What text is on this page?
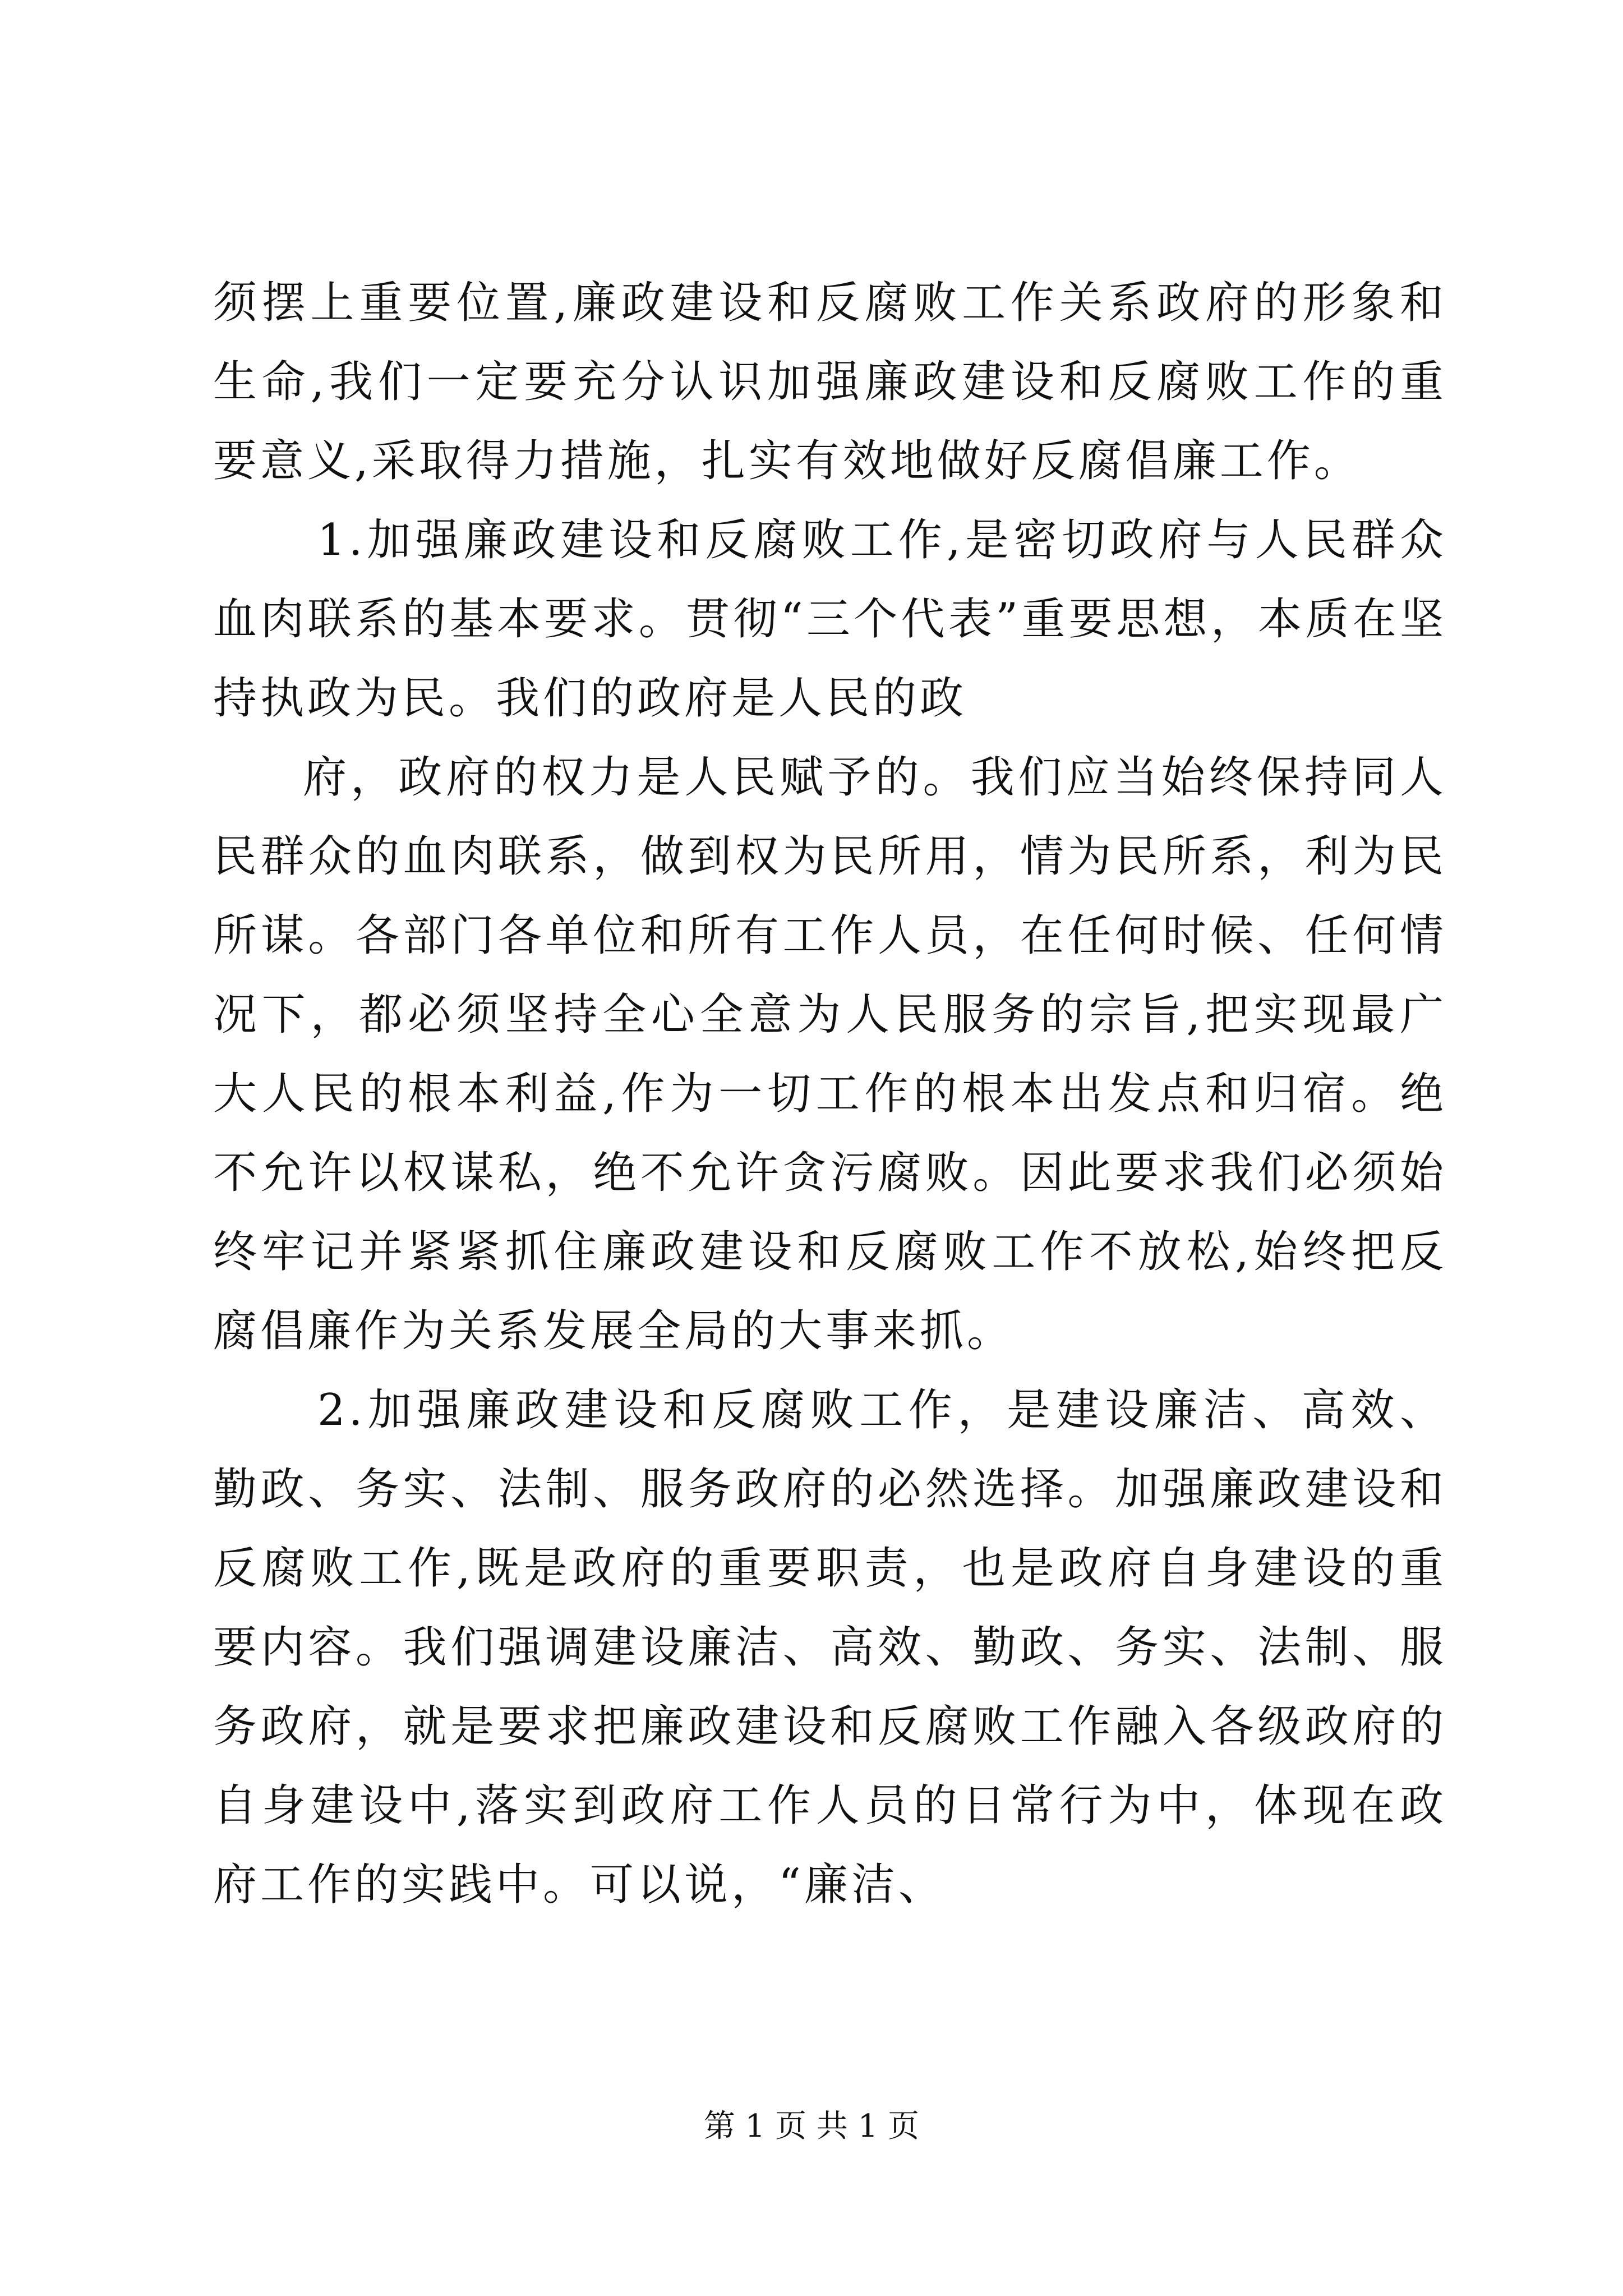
须摆上重要位置,廉政建设和反腐败工作关系政府的形象和生命,我们一定要充分认识加强廉政建设和反腐败工作的重要意义,采取得力措施，扎实有效地做好反腐倡廉工作。

1.加强廉政建设和反腐败工作,是密切政府与人民群众血肉联系的基本要求。贯彻“三个代表”重要思想，本质在坚持执政为民。我们的政府是人民的政

府，政府的权力是人民赋予的。我们应当始终保持同人民群众的血肉联系，做到权为民所用，情为民所系，利为民所谋。各部门各单位和所有工作人员，在任何时候、任何情况下，都必须坚持全心全意为人民服务的宗旨,把实现最广大人民的根本利益,作为一切工作的根本出发点和归宿。绝不允许以权谋私，绝不允许贪污腐败。因此要求我们必须始终牢记并紧紧抓住廉政建设和反腐败工作不放松,始终把反腐倡廉作为关系发展全局的大事来抓。

2.加强廉政建设和反腐败工作，是建设廉洁、高效、勤政、务实、法制、服务政府的必然选择。加强廉政建设和反腐败工作,既是政府的重要职责，也是政府自身建设的重要内容。我们强调建设廉洁、高效、勤政、务实、法制、服务政府，就是要求把廉政建设和反腐败工作融入各级政府的自身建设中,落实到政府工作人员的日常行为中，体现在政府工作的实践中。可以说，“廉洁、

第 1 页 共 1 页
